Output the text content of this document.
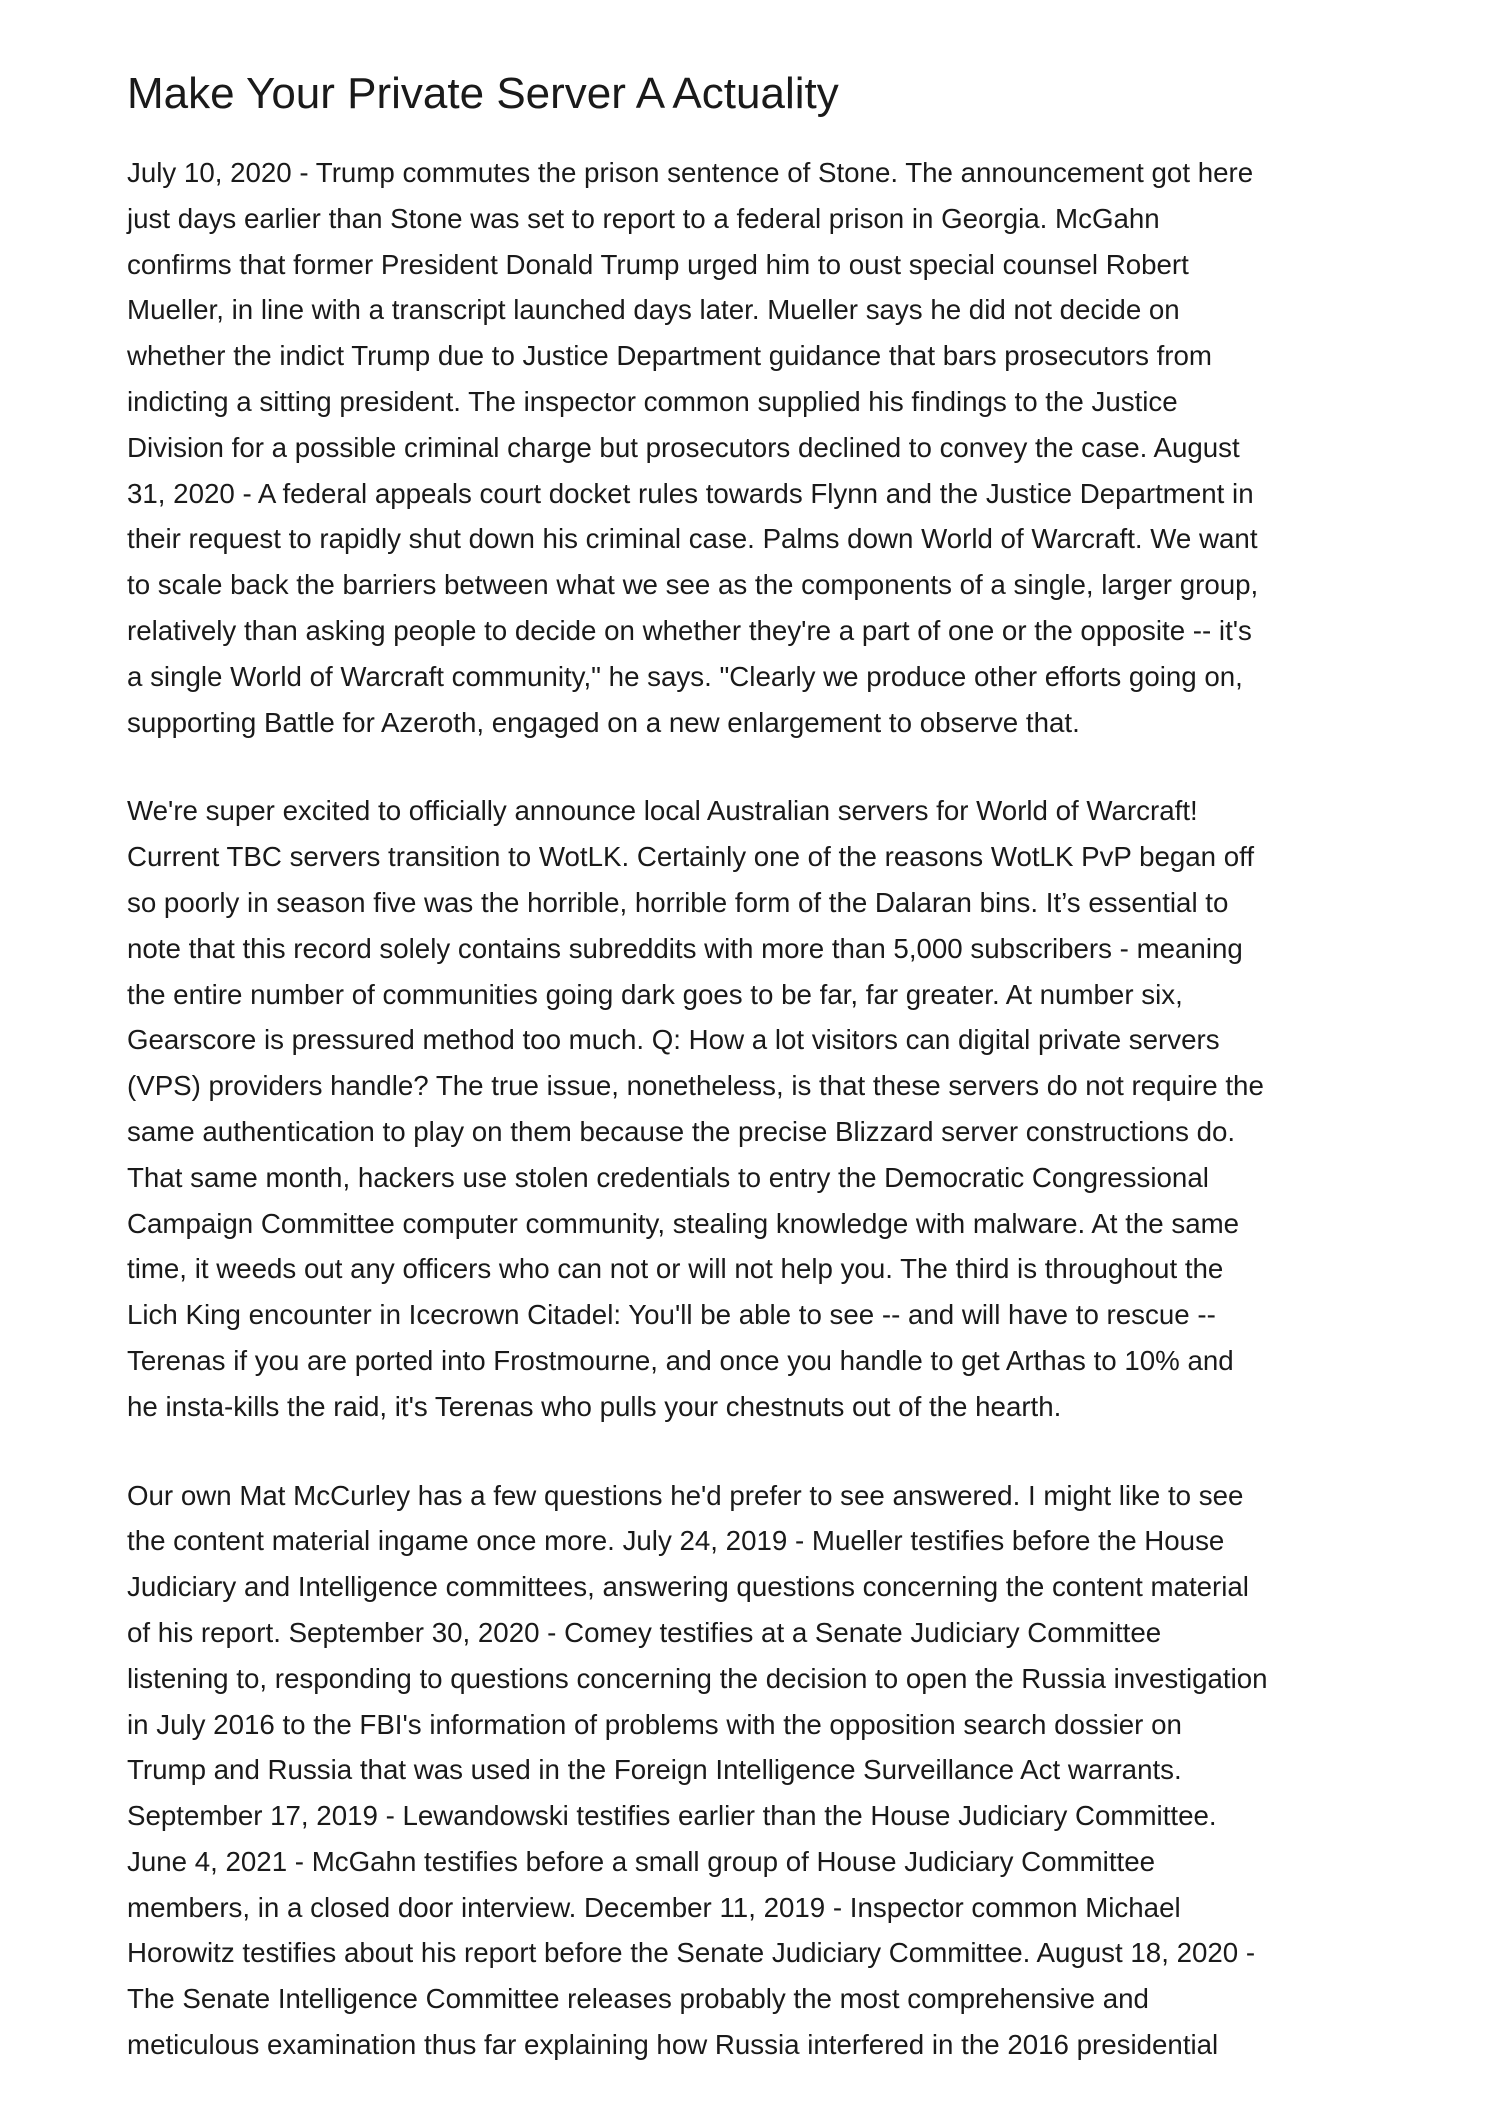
Make Your Private Server A Actuality

July 10, 2020 - Trump commutes the prison sentence of Stone. The announcement got here
just days earlier than Stone was set to report to a federal prison in Georgia. McGahn
confirms that former President Donald Trump urged him to oust special counsel Robert
Mueller, in line with a transcript launched days later. Mueller says he did not decide on
whether the indict Trump due to Justice Department guidance that bars prosecutors from
indicting a sitting president. The inspector common supplied his findings to the Justice
Division for a possible criminal charge but prosecutors declined to convey the case. August
31, 2020 - A federal appeals court docket rules towards Flynn and the Justice Department in
their request to rapidly shut down his criminal case. Palms down World of Warcraft. We want
to scale back the barriers between what we see as the components of a single, larger group,
relatively than asking people to decide on whether they're a part of one or the opposite -- it's
a single World of Warcraft community," he says. "Clearly we produce other efforts going on,
supporting Battle for Azeroth, engaged on a new enlargement to observe that.

We're super excited to officially announce local Australian servers for World of Warcraft!
Current TBC servers transition to WotLK. Certainly one of the reasons WotLK PvP began off
so poorly in season five was the horrible, horrible form of the Dalaran bins. It’s essential to
note that this record solely contains subreddits with more than 5,000 subscribers - meaning
the entire number of communities going dark goes to be far, far greater. At number six,
Gearscore is pressured method too much. Q: How a lot visitors can digital private servers
(VPS) providers handle? The true issue, nonetheless, is that these servers do not require the
same authentication to play on them because the precise Blizzard server constructions do.
That same month, hackers use stolen credentials to entry the Democratic Congressional
Campaign Committee computer community, stealing knowledge with malware. At the same
time, it weeds out any officers who can not or will not help you. The third is throughout the
Lich King encounter in Icecrown Citadel: You'll be able to see -- and will have to rescue --
Terenas if you are ported into Frostmourne, and once you handle to get Arthas to 10% and
he insta-kills the raid, it's Terenas who pulls your chestnuts out of the hearth.

Our own Mat McCurley has a few questions he'd prefer to see answered. I might like to see
the content material ingame once more. July 24, 2019 - Mueller testifies before the House
Judiciary and Intelligence committees, answering questions concerning the content material
of his report. September 30, 2020 - Comey testifies at a Senate Judiciary Committee
listening to, responding to questions concerning the decision to open the Russia investigation
in July 2016 to the FBI's information of problems with the opposition search dossier on
Trump and Russia that was used in the Foreign Intelligence Surveillance Act warrants.
September 17, 2019 - Lewandowski testifies earlier than the House Judiciary Committee.
June 4, 2021 - McGahn testifies before a small group of House Judiciary Committee
members, in a closed door interview. December 11, 2019 - Inspector common Michael
Horowitz testifies about his report before the Senate Judiciary Committee. August 18, 2020 -
The Senate Intelligence Committee releases probably the most comprehensive and
meticulous examination thus far explaining how Russia interfered in the 2016 presidential
